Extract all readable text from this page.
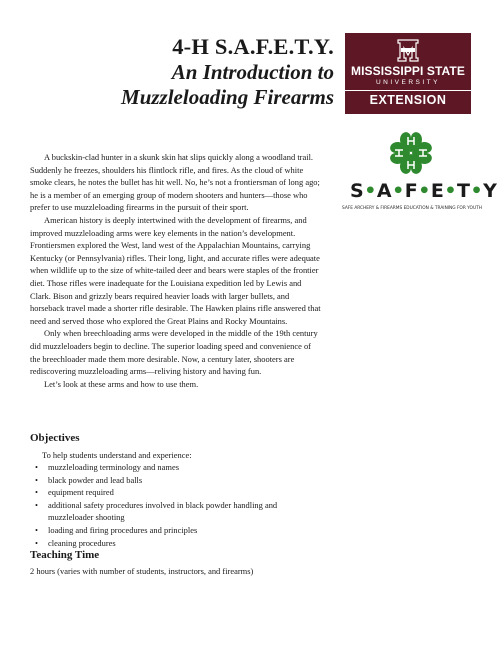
4-H S.A.F.E.T.Y.
An Introduction to
Muzzleloading Firearms
MISSISSIPPI STATE
UNIVERSITY
EXTENSION
S•A•F•E•T•Y
SAFE ARCHERY & FIREARMS EDUCATION & TRAINING FOR YOUTH

A buckskin-clad hunter in a skunk skin hat slips quickly along a woodland trail. Suddenly he freezes, shoulders his flintlock rifle, and fires. As the cloud of white smoke clears, he notes the bullet has hit well. No, he’s not a frontiersman of long ago; he is a member of an emerging group of modern shooters and hunters—those who prefer to use muzzleloading firearms in the pursuit of their sport.

American history is deeply intertwined with the development of firearms, and improved muzzleloading arms were key elements in the nation’s development. Frontiersmen explored the West, land west of the Appalachian Mountains, carrying Kentucky (or Pennsylvania) rifles. Their long, light, and accurate rifles were adequate when wildlife up to the size of white-tailed deer and bears were staples of the frontier diet. Those rifles were inadequate for the Louisiana expedition led by Lewis and Clark. Bison and grizzly bears required heavier loads with larger bullets, and horseback travel made a shorter rifle desirable. The Hawken plains rifle answered that need and served those who explored the Great Plains and Rocky Mountains.

Only when breechloading arms were developed in the middle of the 19th century did muzzleloaders begin to decline. The superior loading speed and convenience of the breechloader made them more desirable. Now, a century later, shooters are rediscovering muzzleloading arms—reliving history and having fun.

Let’s look at these arms and how to use them.

Objectives
To help students understand and experience:
• muzzleloading terminology and names
• black powder and lead balls
• equipment required
• additional safety procedures involved in black powder handling and muzzleloader shooting
• loading and firing procedures and principles
• cleaning procedures
Teaching Time
2 hours (varies with number of students, instructors, and firearms)
